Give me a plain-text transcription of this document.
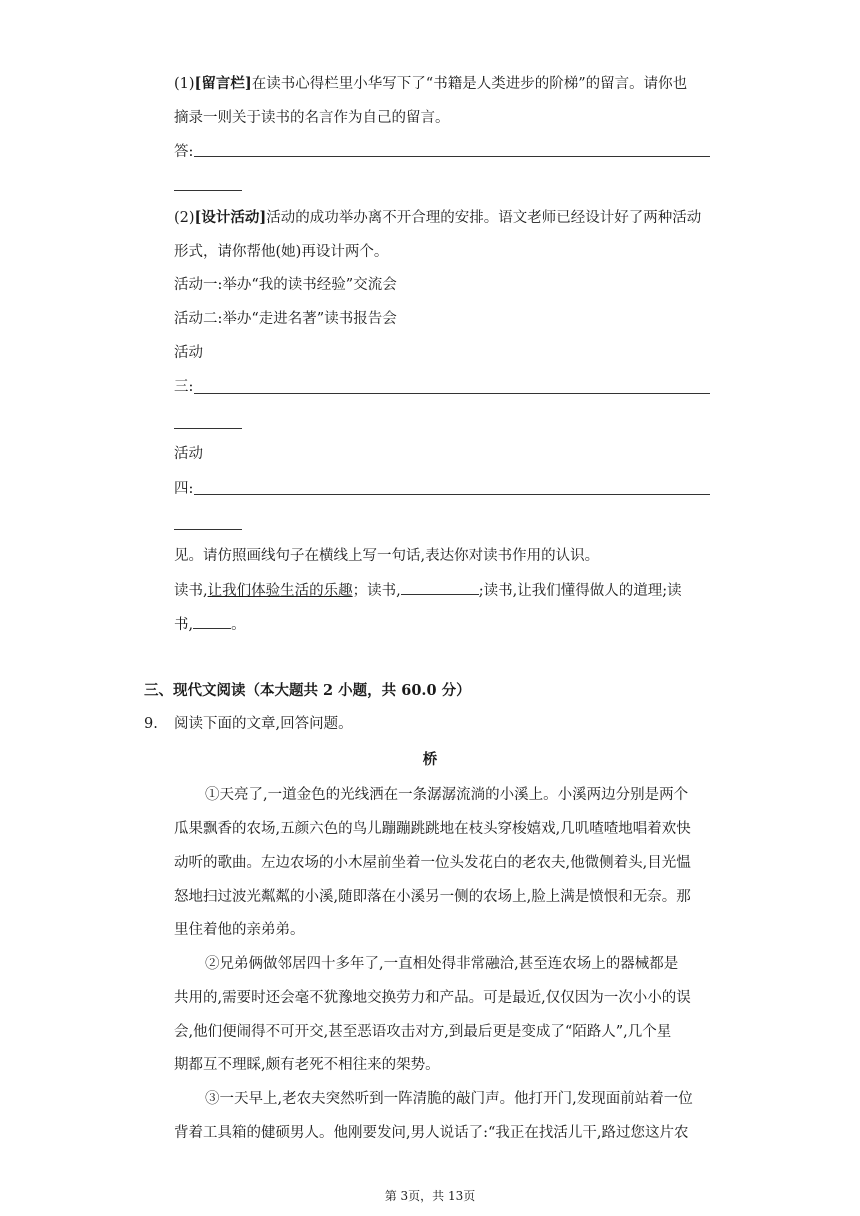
(1)[留言栏]在读书心得栏里小华写下了“书籍是人类进步的阶梯”的留言。请你也
摘录一则关于读书的名言作为自己的留言。
答:
(2)[设计活动]活动的成功举办离不开合理的安排。语文老师已经设计好了两种活动
形式，请你帮他(她)再设计两个。
活动一:举办“我的读书经验”交流会
活动二:举办“走进名著”读书报告会
活动
三:
活动
四:
见。请仿照画线句子在横线上写一句话,表达你对读书作用的认识。
读书,让我们体验生活的乐趣；读书,	;读书,让我们懂得做人的道理;读
书,	。
三、现代文阅读（本大题共 2 小题，共 60.0 分）
9. 阅读下面的文章,回答问题。
桥
①天亮了,一道金色的光线洒在一条潺潺流淌的小溪上。小溪两边分别是两个
瓜果飘香的农场,五颜六色的鸟儿蹦蹦跳跳地在枝头穿梭嬉戏,几叽喳喳地唱着欢快
动听的歌曲。左边农场的小木屋前坐着一位头发花白的老农夫,他微侧着头,目光愠
怒地扫过波光粼粼的小溪,随即落在小溪另一侧的农场上,脸上满是愤恨和无奈。那
里住着他的亲弟弟。
②兄弟俩做邻居四十多年了,一直相处得非常融洽,甚至连农场上的器械都是
共用的,需要时还会毫不犹豫地交换劳力和产品。可是最近,仅仅因为一次小小的误
会,他们便闹得不可开交,甚至恶语攻击对方,到最后更是变成了“陌路人”,几个星
期都互不理睬,颇有老死不相往来的架势。
③一天早上,老农夫突然听到一阵清脆的敲门声。他打开门,发现面前站着一位
背着工具箱的健硕男人。他刚要发问,男人说话了:“我正在找活儿干,路过您这片农
第 3页，共 13页
